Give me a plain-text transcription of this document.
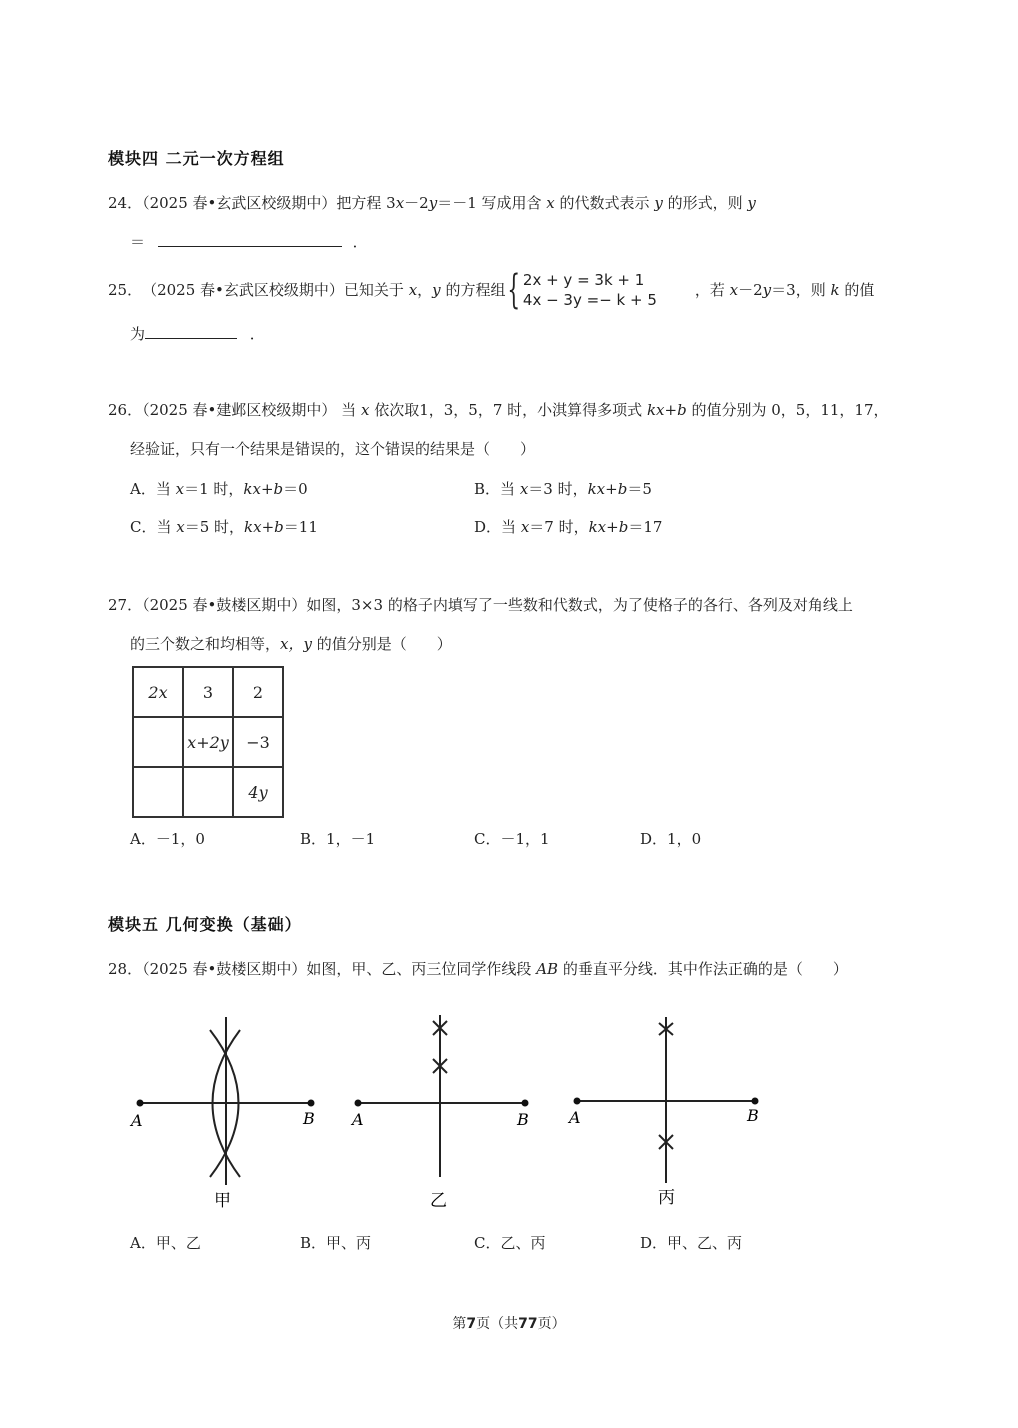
模块四 二元一次方程组
24．（2025 春•玄武区校级期中）把方程 3x－2y＝－1 写成用含 x 的代数式表示 y 的形式，则 y
＝	．
25． （2025 春•玄武区校级期中） 已知关于
x ， y
的方程组 { 2x + y = 3k + 1
4x − 3y =− k + 5
，若
x －2 y ＝3，则
k
的值
为	．
26．（2025 春•建邺区校级期中） 当 x 依次取1，3，5，7 时，小淇算得多项式 kx+b 的值分别为 0，5，11，17，
经验证，只有一个结果是错误的，这个错误的结果是（　　）
A．当 x＝1 时，kx+b＝0	B．当 x＝3 时，kx+b＝5
C．当 x＝5 时，kx+b＝11	D．当 x＝7 时，kx+b＝17
27．（2025 春•鼓楼区期中）如图，3×3 的格子内填写了一些数和代数式，为了使格子的各行、各列及对角线上
的三个数之和均相等，x，y 的值分别是（　　）
2x	3	2
	x+2y	−3
		4y
A．－1，0	B．1，－1	C．－1，1	D．1，0
模块五 几何变换（基础）
28．（2025 春•鼓楼区期中）如图，甲、乙、丙三位同学作线段 AB 的垂直平分线．其中作法正确的是（　　）
A	B
甲
A	B
乙
A	B
丙
A．甲、乙	B．甲、丙	C．乙、丙	D．甲、乙、丙
第7页（共77页）
